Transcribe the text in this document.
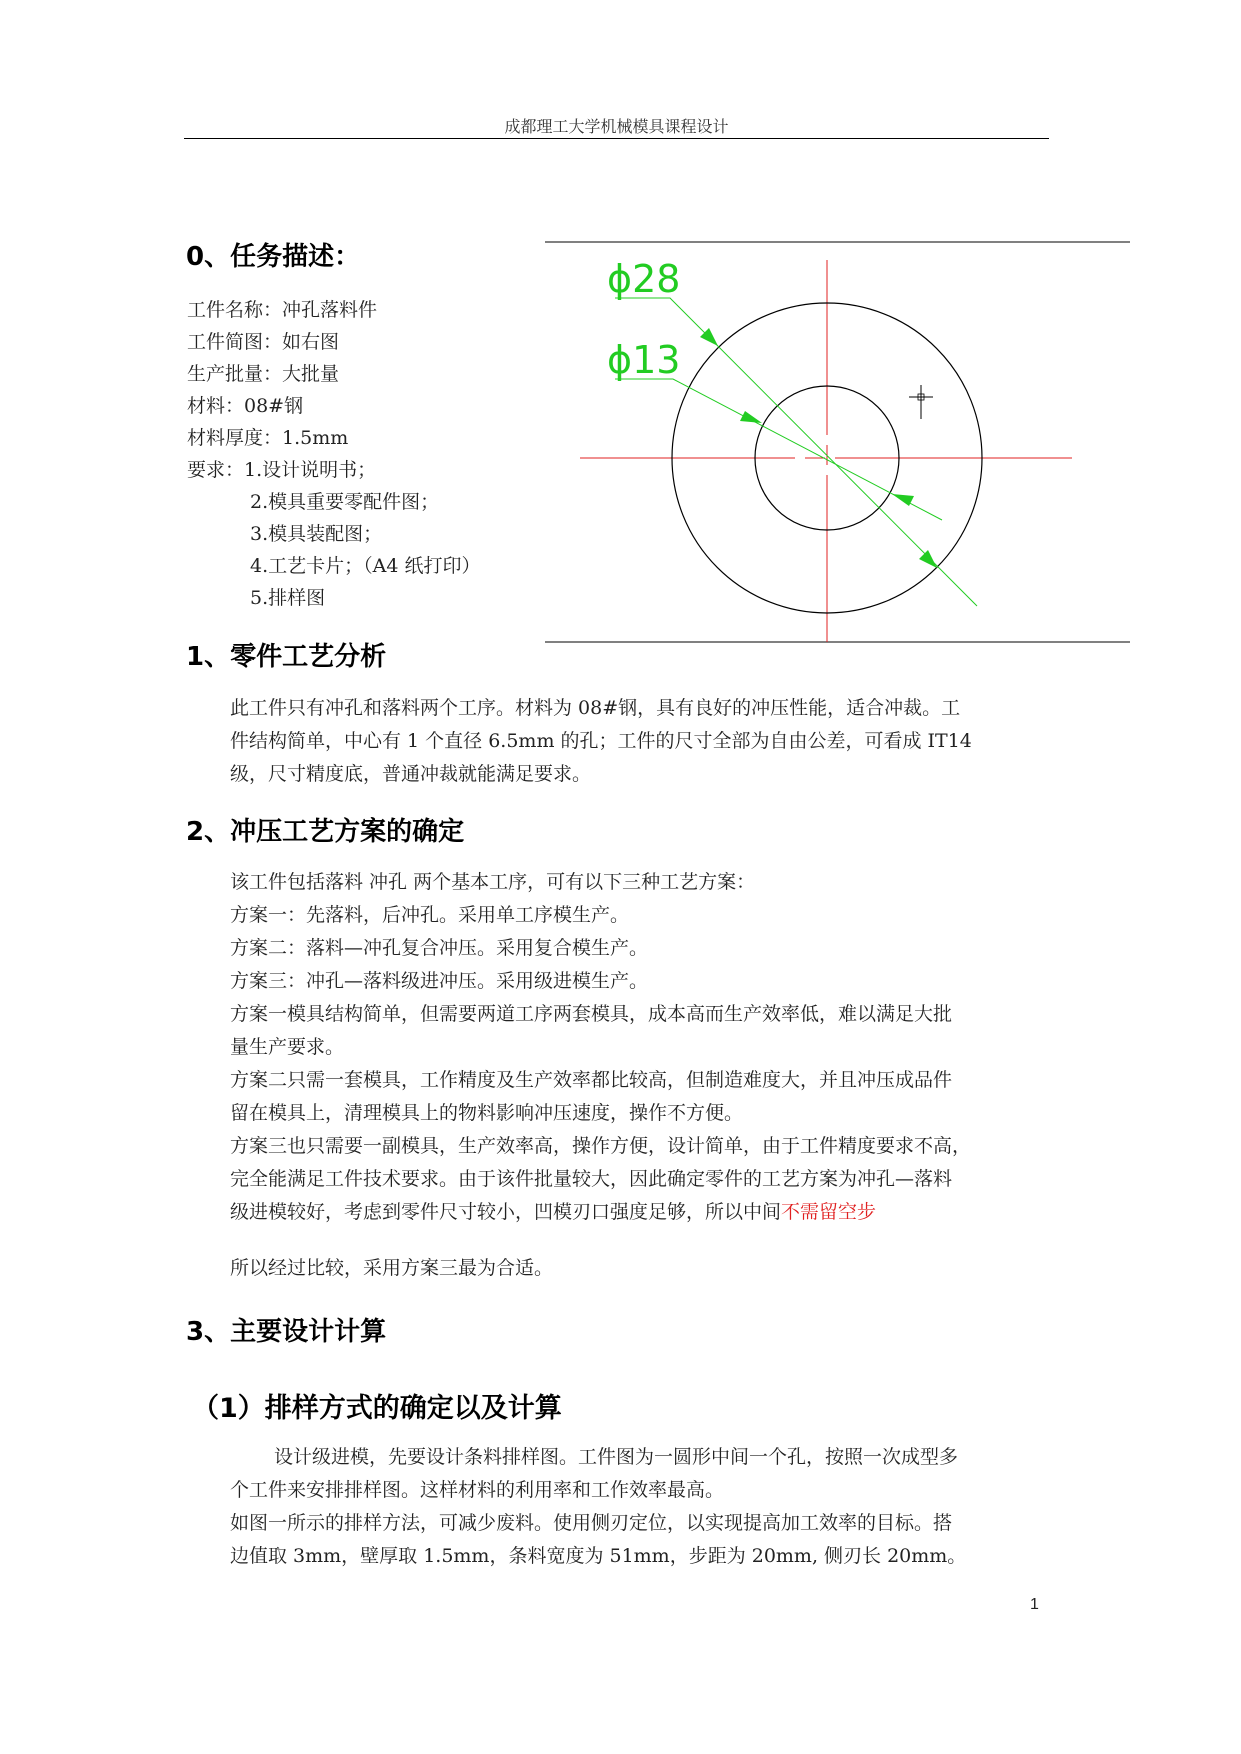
成都理工大学机械模具课程设计
0、任务描述：
工件名称：冲孔落料件
工件简图：如右图
生产批量：大批量
材料：08#钢
材料厚度：1.5mm
要求：1.设计说明书；
2.模具重要零配件图；
3.模具装配图；
4.工艺卡片；（A4 纸打印）
5.排样图
ϕ28
ϕ13
1、零件工艺分析
此工件只有冲孔和落料两个工序。材料为 08#钢，具有良好的冲压性能，适合冲裁。工
件结构简单，中心有 1 个直径 6.5mm 的孔；工件的尺寸全部为自由公差，可看成 IT14
级，尺寸精度底，普通冲裁就能满足要求。
2、冲压工艺方案的确定
该工件包括落料 冲孔 两个基本工序，可有以下三种工艺方案：
方案一：先落料，后冲孔。采用单工序模生产。
方案二：落料—冲孔复合冲压。采用复合模生产。
方案三：冲孔—落料级进冲压。采用级进模生产。
方案一模具结构简单，但需要两道工序两套模具，成本高而生产效率低，难以满足大批
量生产要求。
方案二只需一套模具，工作精度及生产效率都比较高，但制造难度大，并且冲压成品件
留在模具上，清理模具上的物料影响冲压速度，操作不方便。
方案三也只需要一副模具，生产效率高，操作方便，设计简单，由于工件精度要求不高，
完全能满足工件技术要求。由于该件批量较大，因此确定零件的工艺方案为冲孔—落料
级进模较好，考虑到零件尺寸较小，凹模刃口强度足够，所以中间不需留空步
所以经过比较，采用方案三最为合适。
3、主要设计计算
（1）排样方式的确定以及计算
设计级进模，先要设计条料排样图。工件图为一圆形中间一个孔，按照一次成型多
个工件来安排排样图。这样材料的利用率和工作效率最高。
如图一所示的排样方法，可减少废料。使用侧刃定位，以实现提高加工效率的目标。搭
边值取 3mm，壁厚取 1.5mm，条料宽度为 51mm，步距为 20mm, 侧刃长 20mm。
1
